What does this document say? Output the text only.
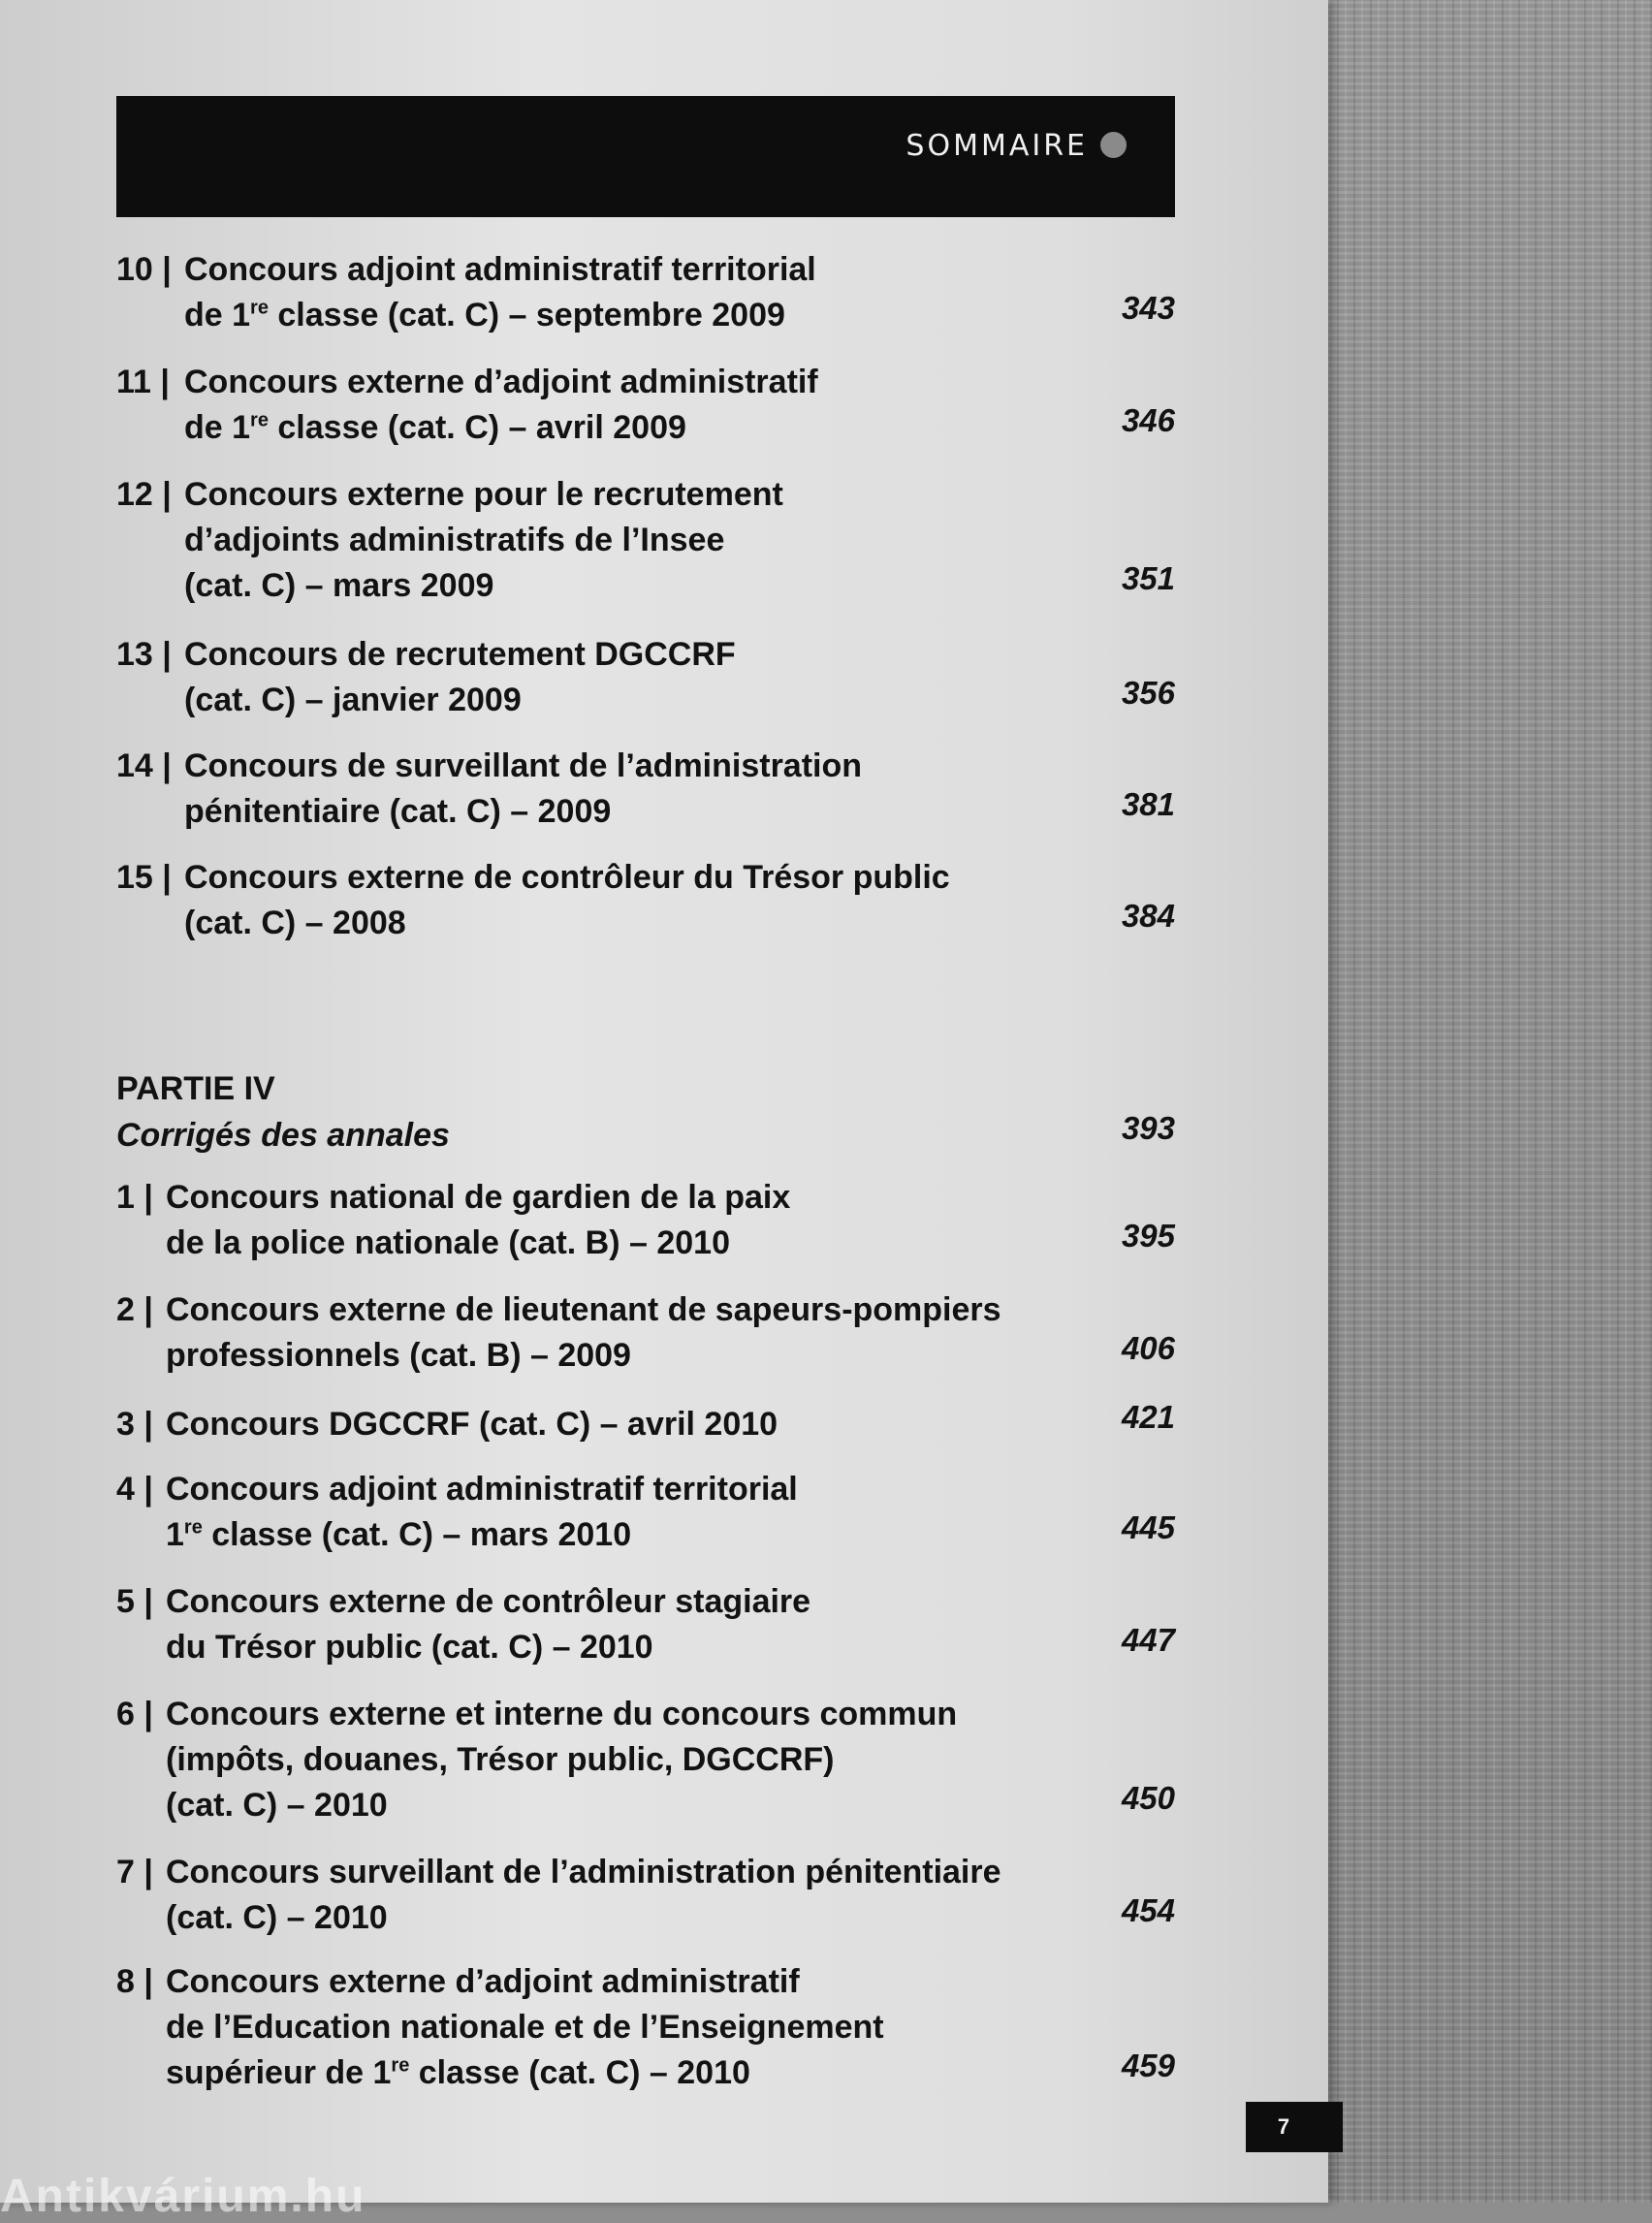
SOMMAIRE
10 | Concours adjoint administratif territorial
de 1re classe (cat. C) – septembre 2009	343
11 | Concours externe d’adjoint administratif
de 1re classe (cat. C) – avril 2009	346
12 | Concours externe pour le recrutement
d’adjoints administratifs de l’Insee
(cat. C) – mars 2009	351
13 | Concours de recrutement DGCCRF
(cat. C) – janvier 2009	356
14 | Concours de surveillant de l’administration
pénitentiaire (cat. C) – 2009	381
15 | Concours externe de contrôleur du Trésor public
(cat. C) – 2008	384
PARTIE IV
Corrigés des annales	393
1 | Concours national de gardien de la paix
de la police nationale (cat. B) – 2010	395
2 | Concours externe de lieutenant de sapeurs-pompiers
professionnels (cat. B) – 2009	406
3 | Concours DGCCRF (cat. C) – avril 2010	421
4 | Concours adjoint administratif territorial
1re classe (cat. C) – mars 2010	445
5 | Concours externe de contrôleur stagiaire
du Trésor public (cat. C) – 2010	447
6 | Concours externe et interne du concours commun
(impôts, douanes, Trésor public, DGCCRF)
(cat. C) – 2010	450
7 | Concours surveillant de l’administration pénitentiaire
(cat. C) – 2010	454
8 | Concours externe d’adjoint administratif
de l’Education nationale et de l’Enseignement
supérieur de 1re classe (cat. C) – 2010	459
7
Antikvárium.hu
